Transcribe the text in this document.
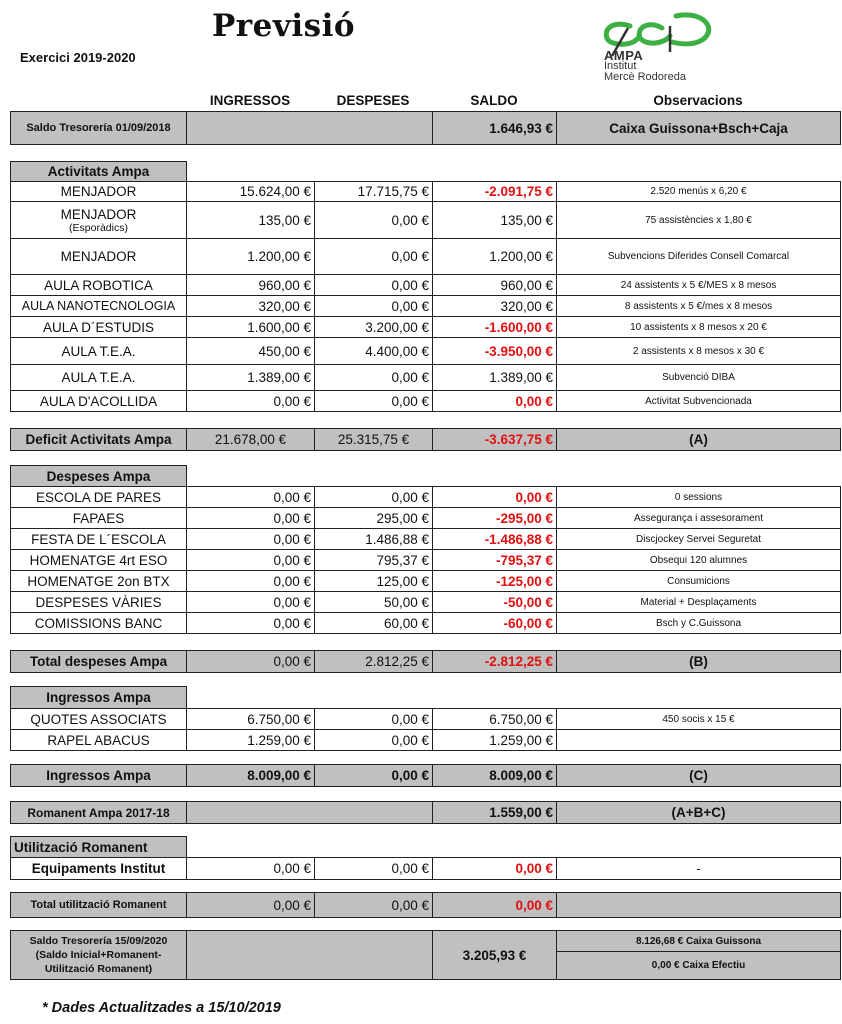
Previsió
Exercici 2019-2020	AMPA
Institut
Mercè Rodoreda
INGRESSOS	DESPESES	SALDO	Observacions
Saldo Tresorería 01/09/2018		1.646,93 €	Caixa Guissona+Bsch+Caja
Activitats Ampa				

MENJADOR	15.624,00 €	17.715,75 €	-2.091,75 €	2.520 menús x 6,20 €

MENJADOR
(Esporàdics)	135,00 €	0,00 €	135,00 €	75 assistències x 1,80 €

MENJADOR	1.200,00 €	0,00 €	1.200,00 €	Subvencions Diferides Consell Comarcal

AULA ROBOTICA	960,00 €	0,00 €	960,00 €	24 assistents x 5 €/MES x 8 mesos

AULA NANOTECNOLOGIA	320,00 €	0,00 €	320,00 €	8 assistents x 5 €/mes x 8 mesos

AULA D´ESTUDIS	1.600,00 €	3.200,00 €	-1.600,00 €	10 assistents x 8 mesos x 20 €

AULA T.E.A.	450,00 €	4.400,00 €	-3.950,00 €	2 assistents x 8 mesos x 30 €

AULA T.E.A.	1.389,00 €	0,00 €	1.389,00 €	Subvenció DIBA

AULA D'ACOLLIDA	0,00 €	0,00 €	0,00 €	Activitat Subvencionada
Deficit Activitats Ampa	21.678,00 €	25.315,75 €	-3.637,75 €	(A)
Despeses Ampa				
ESCOLA DE PARES	0,00 €	0,00 €	0,00 €	0 sessions
FAPAES	0,00 €	295,00 €	-295,00 €	Assegurança i assesorament
FESTA DE L´ESCOLA	0,00 €	1.486,88 €	-1.486,88 €	Discjockey Servei Seguretat
HOMENATGE 4rt ESO	0,00 €	795,37 €	-795,37 €	Obsequi 120 alumnes
HOMENATGE 2on BTX	0,00 €	125,00 €	-125,00 €	Consumicions
DESPESES VÀRIES	0,00 €	50,00 €	-50,00 €	Material + Desplaçaments
COMISSIONS BANC	0,00 €	60,00 €	-60,00 €	Bsch y C.Guissona
Total despeses Ampa	0,00 €	2.812,25 €	-2.812,25 €	(B)
Ingressos Ampa				
QUOTES ASSOCIATS	6.750,00 €	0,00 €	6.750,00 €	450 socis x 15 €
RAPEL ABACUS	1.259,00 €	0,00 €	1.259,00 €	
Ingressos Ampa	8.009,00 €	0,00 €	8.009,00 €	(C)
Romanent Ampa 2017-18		1.559,00 €	(A+B+C)
Utilització Romanent				
Equipaments Institut	0,00 €	0,00 €	0,00 €	-
Total utilització Romanent	0,00 €	0,00 €	0,00 €	
Saldo Tresorería 15/09/2020
(Saldo Inicial+Romanent-
Utilització Romanent)
		3.205,93 €	8.126,68 € Caixa Guissona
0,00 € Caixa Efectiu
* Dades Actualitzades a 15/10/2019
